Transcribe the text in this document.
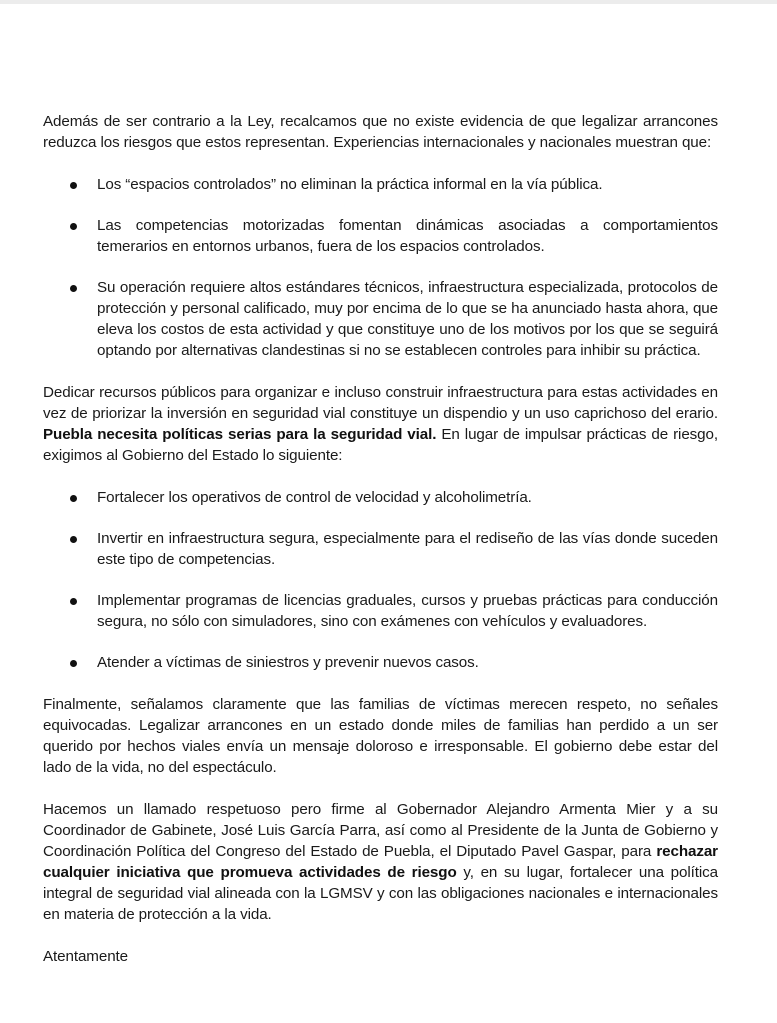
Además de ser contrario a la Ley, recalcamos que no existe evidencia de que legalizar arrancones reduzca los riesgos que estos representan. Experiencias internacionales y nacionales muestran que:

Los “espacios controlados” no eliminan la práctica informal en la vía pública.
Las competencias motorizadas fomentan dinámicas asociadas a comportamientos temerarios en entornos urbanos, fuera de los espacios controlados.
Su operación requiere altos estándares técnicos, infraestructura especializada, protocolos de protección y personal calificado, muy por encima de lo que se ha anunciado hasta ahora, que eleva los costos de esta actividad y que constituye uno de los motivos por los que se seguirá optando por alternativas clandestinas si no se establecen controles para inhibir su práctica.

Dedicar recursos públicos para organizar e incluso construir infraestructura para estas actividades en vez de priorizar la inversión en seguridad vial constituye un dispendio y un uso caprichoso del erario. Puebla necesita políticas serias para la seguridad vial. En lugar de impulsar prácticas de riesgo, exigimos al Gobierno del Estado lo siguiente:

Fortalecer los operativos de control de velocidad y alcoholimetría.
Invertir en infraestructura segura, especialmente para el rediseño de las vías donde suceden este tipo de competencias.
Implementar programas de licencias graduales, cursos y pruebas prácticas para conducción segura, no sólo con simuladores, sino con exámenes con vehículos y evaluadores.
Atender a víctimas de siniestros y prevenir nuevos casos.

Finalmente, señalamos claramente que las familias de víctimas merecen respeto, no señales equivocadas. Legalizar arrancones en un estado donde miles de familias han perdido a un ser querido por hechos viales envía un mensaje doloroso e irresponsable. El gobierno debe estar del lado de la vida, no del espectáculo.

Hacemos un llamado respetuoso pero firme al Gobernador Alejandro Armenta Mier y a su Coordinador de Gabinete, José Luis García Parra, así como al Presidente de la Junta de Gobierno y Coordinación Política del Congreso del Estado de Puebla, el Diputado Pavel Gaspar, para rechazar cualquier iniciativa que promueva actividades de riesgo y, en su lugar, fortalecer una política integral de seguridad vial alineada con la LGMSV y con las obligaciones nacionales e internacionales en materia de protección a la vida.

Atentamente
